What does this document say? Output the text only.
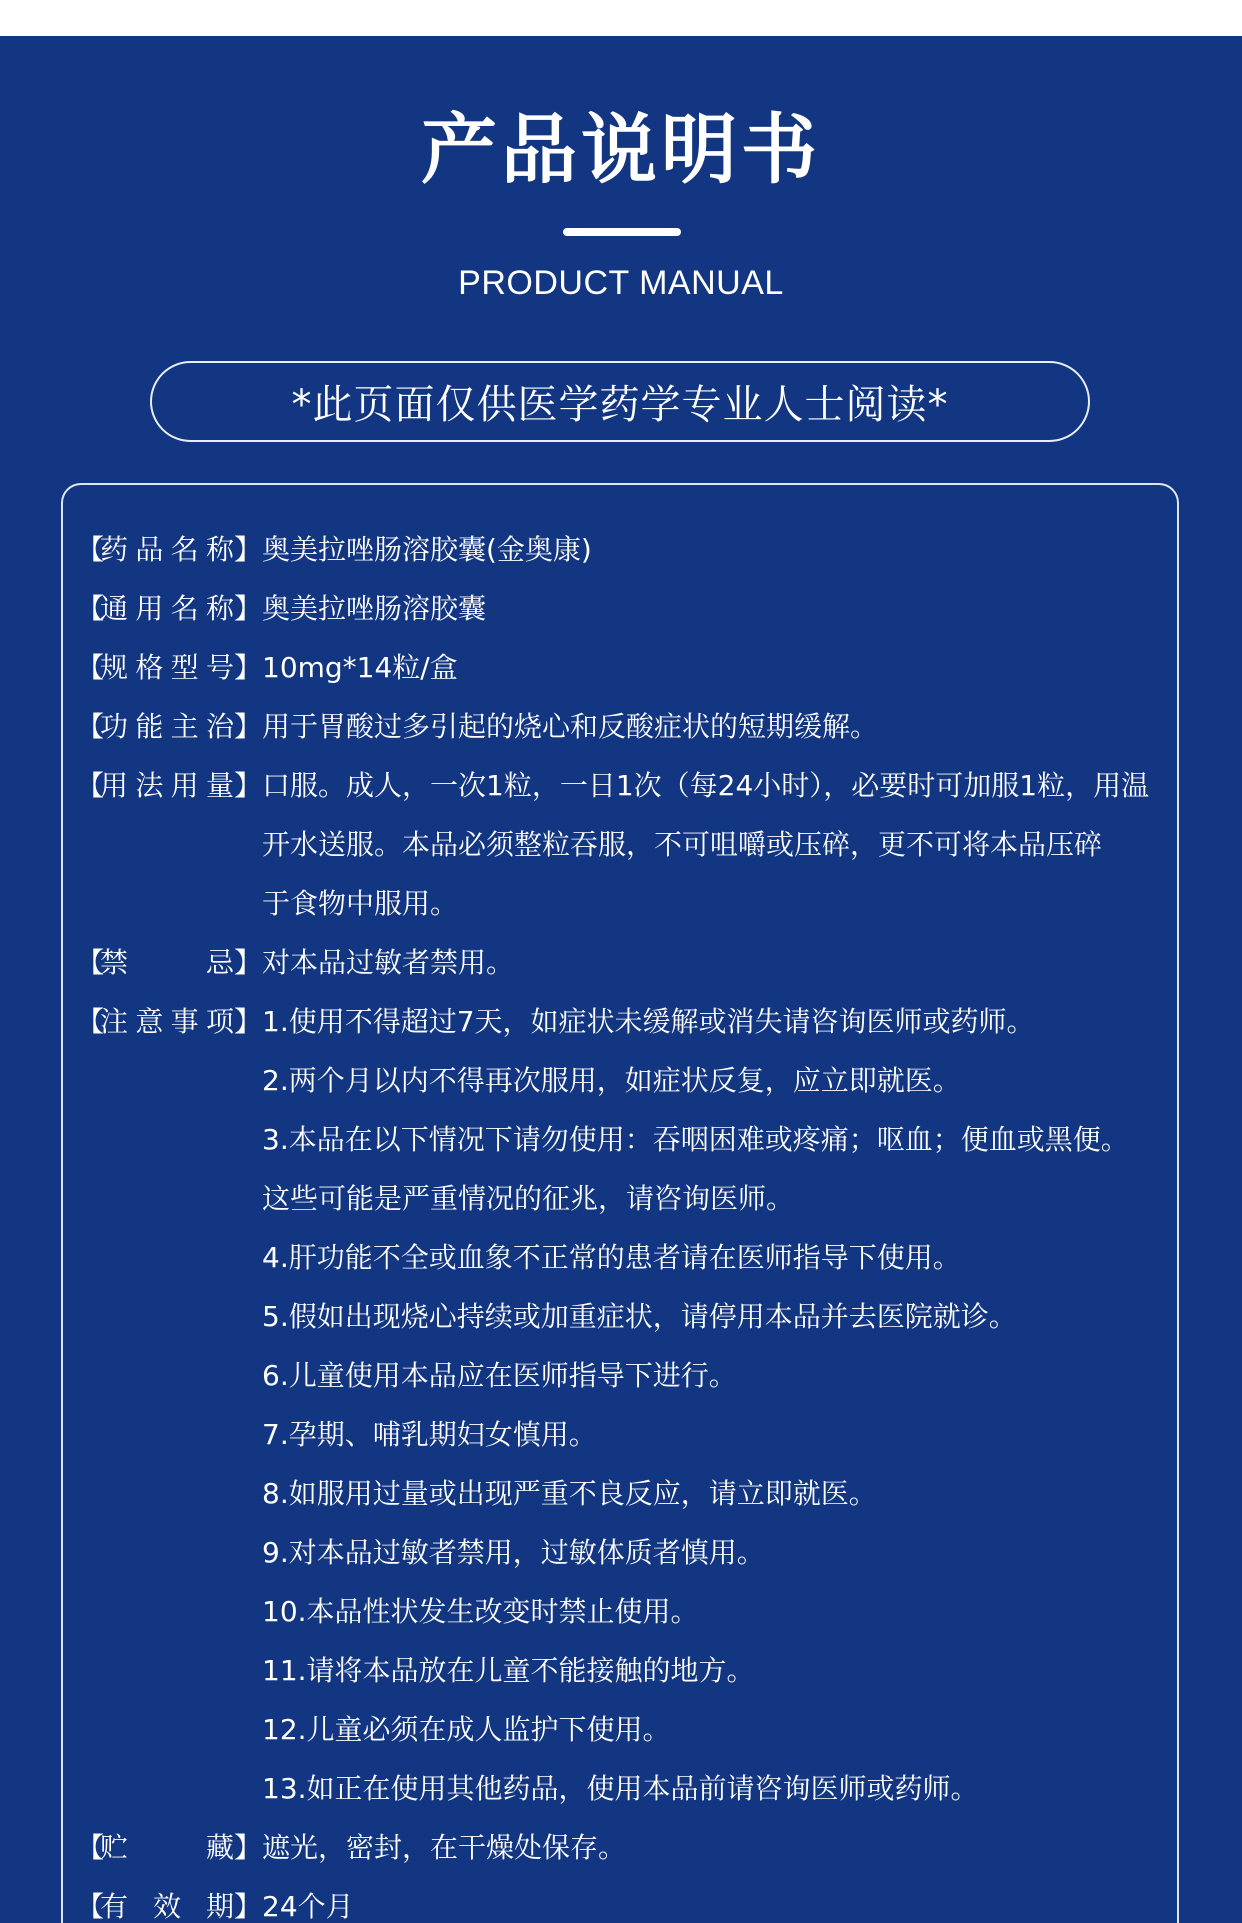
产品说明书
PRODUCT MANUAL
*此页面仅供医学药学专业人士阅读*
【
药 品 名 称 】 奥美拉唑肠溶胶囊(金奥康)
【
通 用 名 称 】 奥美拉唑肠溶胶囊
【
规 格 型 号 】 10mg*14粒/盒
【
功 能 主 治 】 用于胃酸过多引起的烧心和反酸症状的短期缓解。
【
用 法 用 量 】 口服。成人，一次1粒，一日1次（每24小时），必要时可加服1粒，用温
开水送服。本品必须整粒吞服，不可咀嚼或压碎，更不可将本品压碎
于食物中服用。
【
禁	忌 】 对本品过敏者禁用。
【
注 意 事 项 】 1.使用不得超过7天，如症状未缓解或消失请咨询医师或药师。
2.两个月以内不得再次服用，如症状反复，应立即就医。
3.本品在以下情况下请勿使用：吞咽困难或疼痛；呕血；便血或黑便。
这些可能是严重情况的征兆，请咨询医师。
4.肝功能不全或血象不正常的患者请在医师指导下使用。
5.假如出现烧心持续或加重症状，请停用本品并去医院就诊。
6.儿童使用本品应在医师指导下进行。
7.孕期、哺乳期妇女慎用。
8.如服用过量或出现严重不良反应，请立即就医。
9.对本品过敏者禁用，过敏体质者慎用。
10.本品性状发生改变时禁止使用。
11.请将本品放在儿童不能接触的地方。
12.儿童必须在成人监护下使用。
13.如正在使用其他药品，使用本品前请咨询医师或药师。
【
贮	藏 】 遮光，密封，在干燥处保存。
【
有 效 期 】 24个月
